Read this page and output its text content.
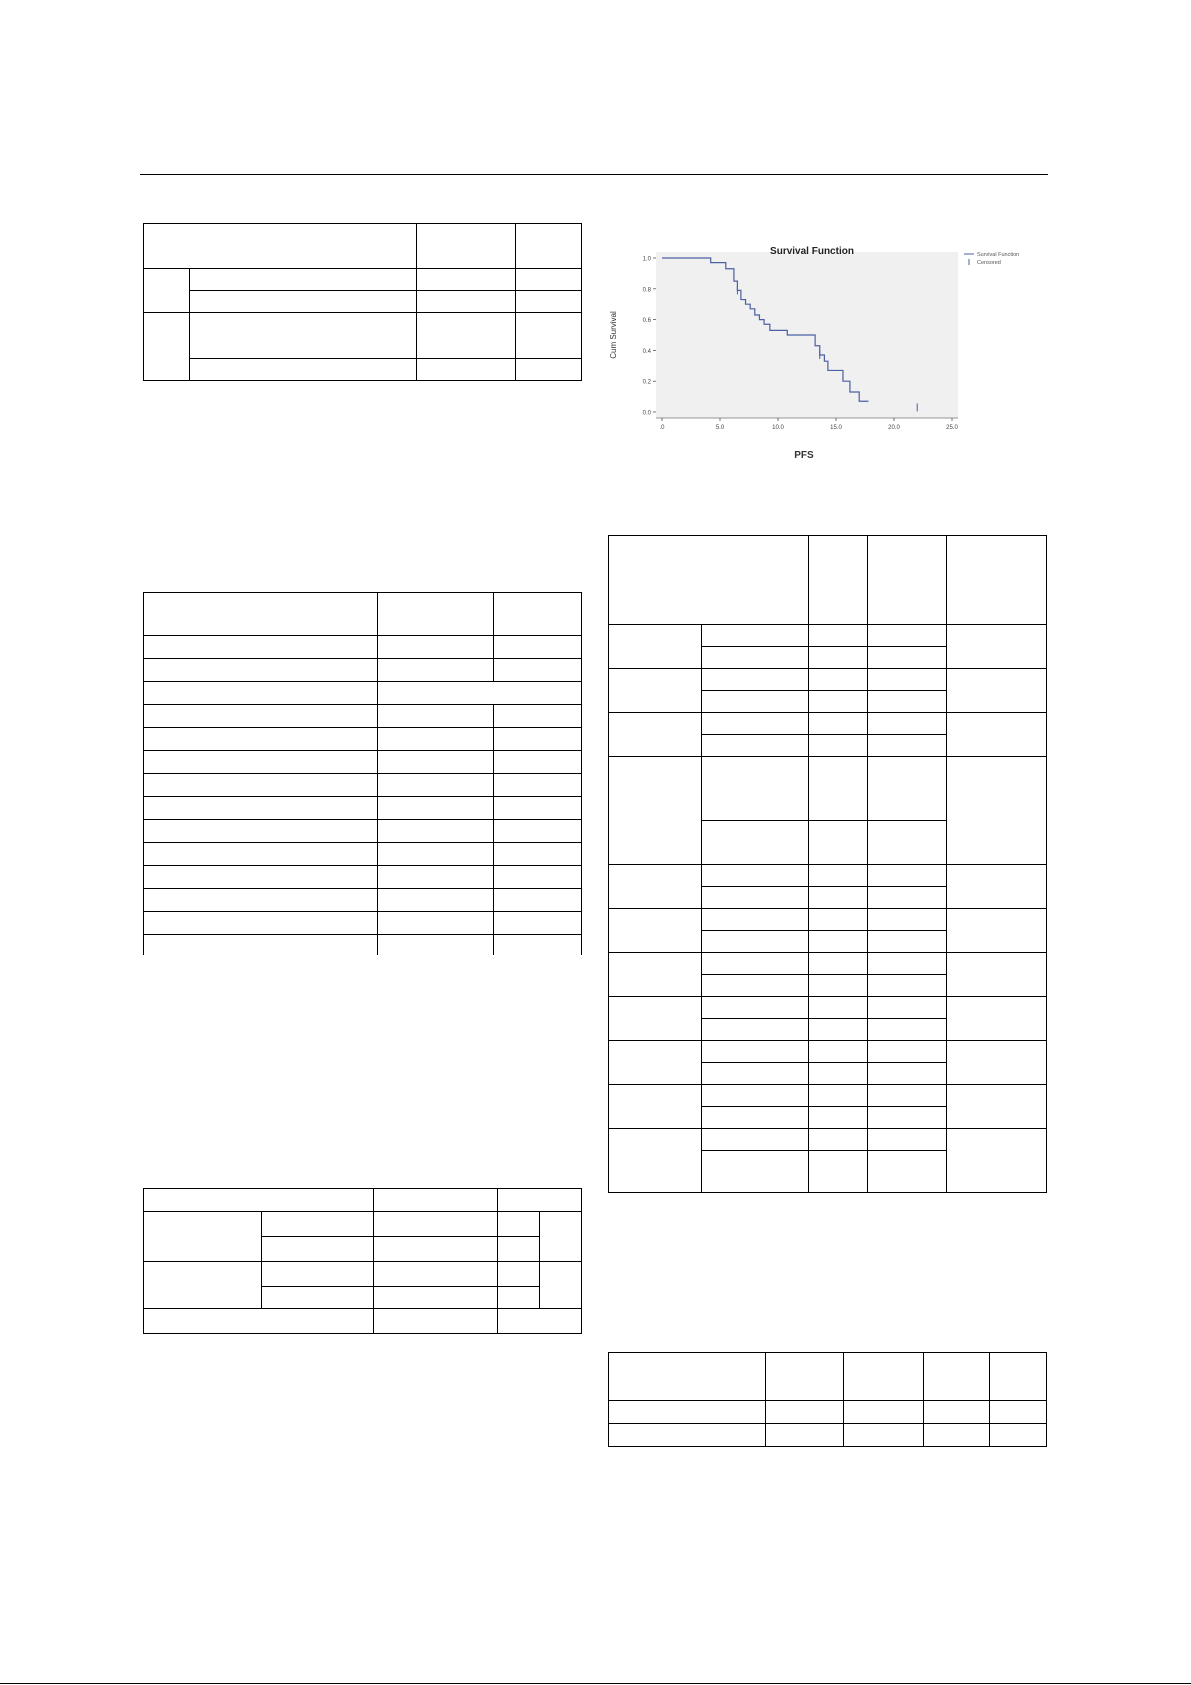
Survival Function
PFS
Cum Survival
0.0
0.2
0.4
0.6
0.8
1.0
.0	5.0	10.0	15.0	20.0	25.0
Survival Function
Censored
